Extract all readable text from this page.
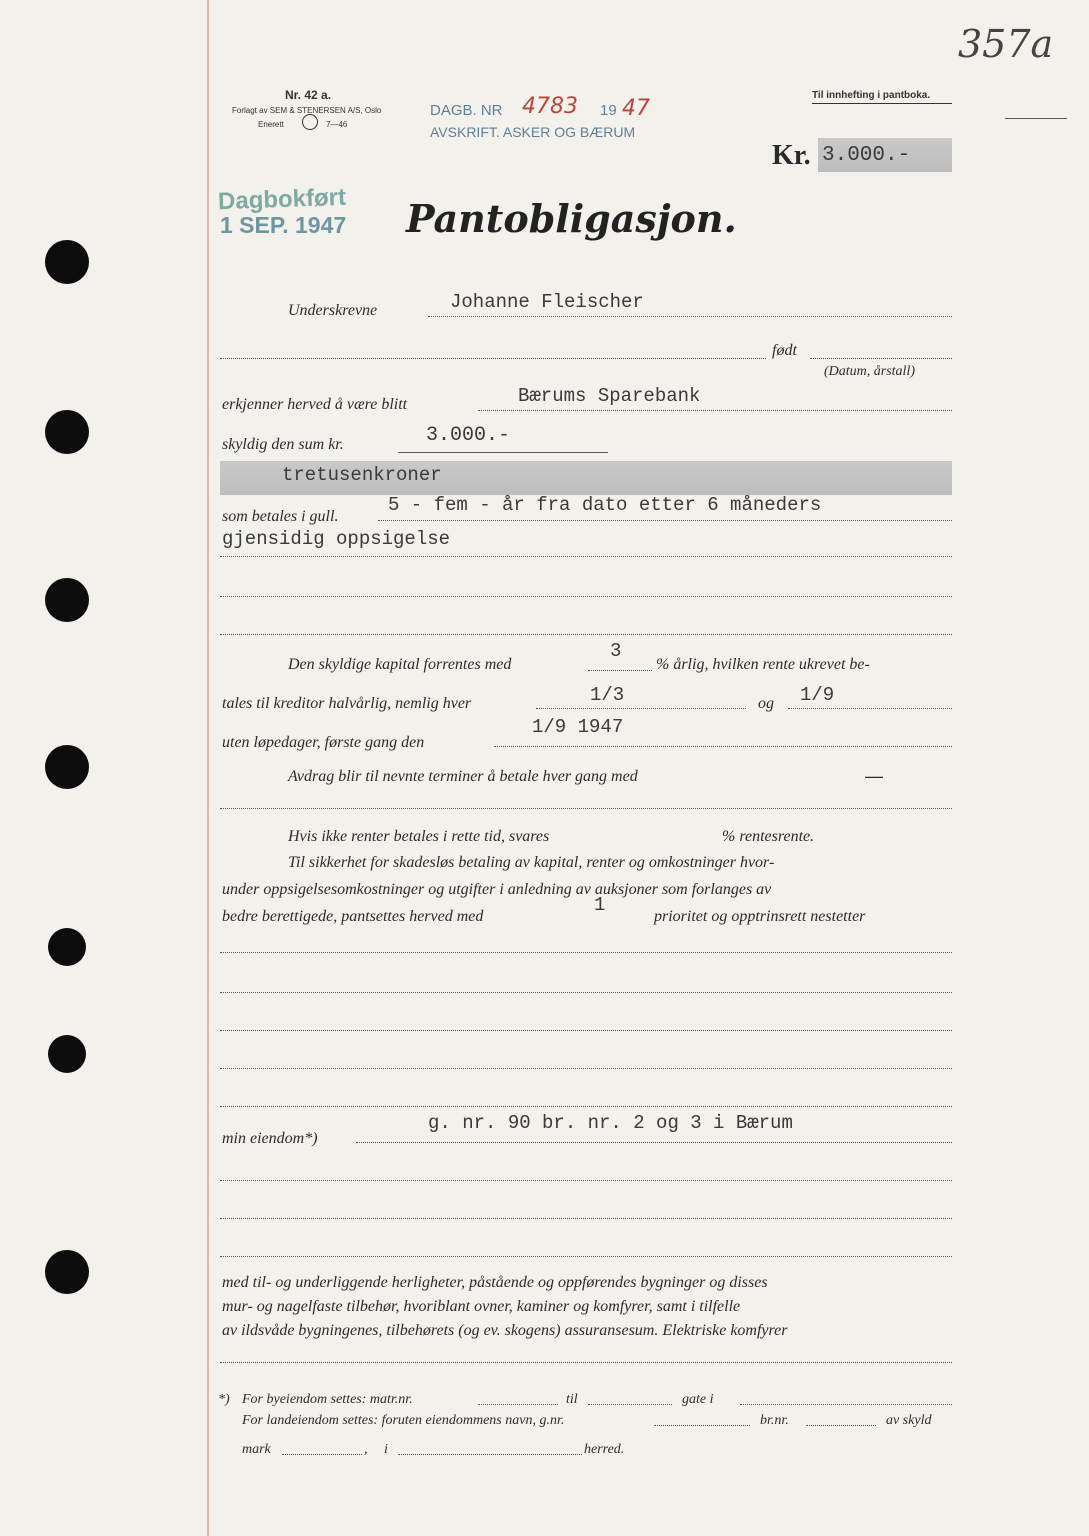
Nr. 42 a.
Forlagt av SEM & STENERSEN A/S, Oslo
Enerett	7—46
DAGB. NR 4783 19 47
AVSKRIFT. ASKER OG BÆRUM
Til innhefting i pantboka.
357a
Kr. 3.000.-
Dagbokført
1 SEP. 1947 Pantobligasjon.
Underskrevne	Johanne Fleischer
født
(Datum, årstall)
erkjenner herved å være blitt	Bærums Sparebank
skyldig den sum kr.	3.000.-
tretusenkroner
som betales i gull.
5 - fem - år fra dato etter 6 måneders
gjensidig oppsigelse
Den skyldige kapital forrentes med
3
% årlig, hvilken rente ukrevet be-
tales til kreditor halvårlig, nemlig hver	1/3	og 1/9
uten løpedager, første gang den
1/9 1947
Avdrag blir til nevnte terminer å betale hver gang med	—
Hvis ikke renter betales i rette tid, svares	% rentesrente.
Til sikkerhet for skadesløs betaling av kapital, renter og omkostninger hvor-
under oppsigelsesomkostninger og utgifter i anledning av auksjoner som forlanges av
bedre berettigede, pantsettes herved med
1
prioritet og opptrinsrett nestetter
min eiendom*)
g. nr. 90 br. nr. 2 og 3 i Bærum
med til- og underliggende herligheter, påstående og oppførendes bygninger og disses
mur- og nagelfaste tilbehør, hvoriblant ovner, kaminer og komfyrer, samt i tilfelle
av ildsvåde bygningenes, tilbehørets (og ev. skogens) assuransesum. Elektriske komfyrer
*) For byeiendom settes: matr.nr.	til	gate i
For landeiendom settes: foruten eiendommens navn, g.nr.	br.nr.	av skyld
mark	, i	herred.
